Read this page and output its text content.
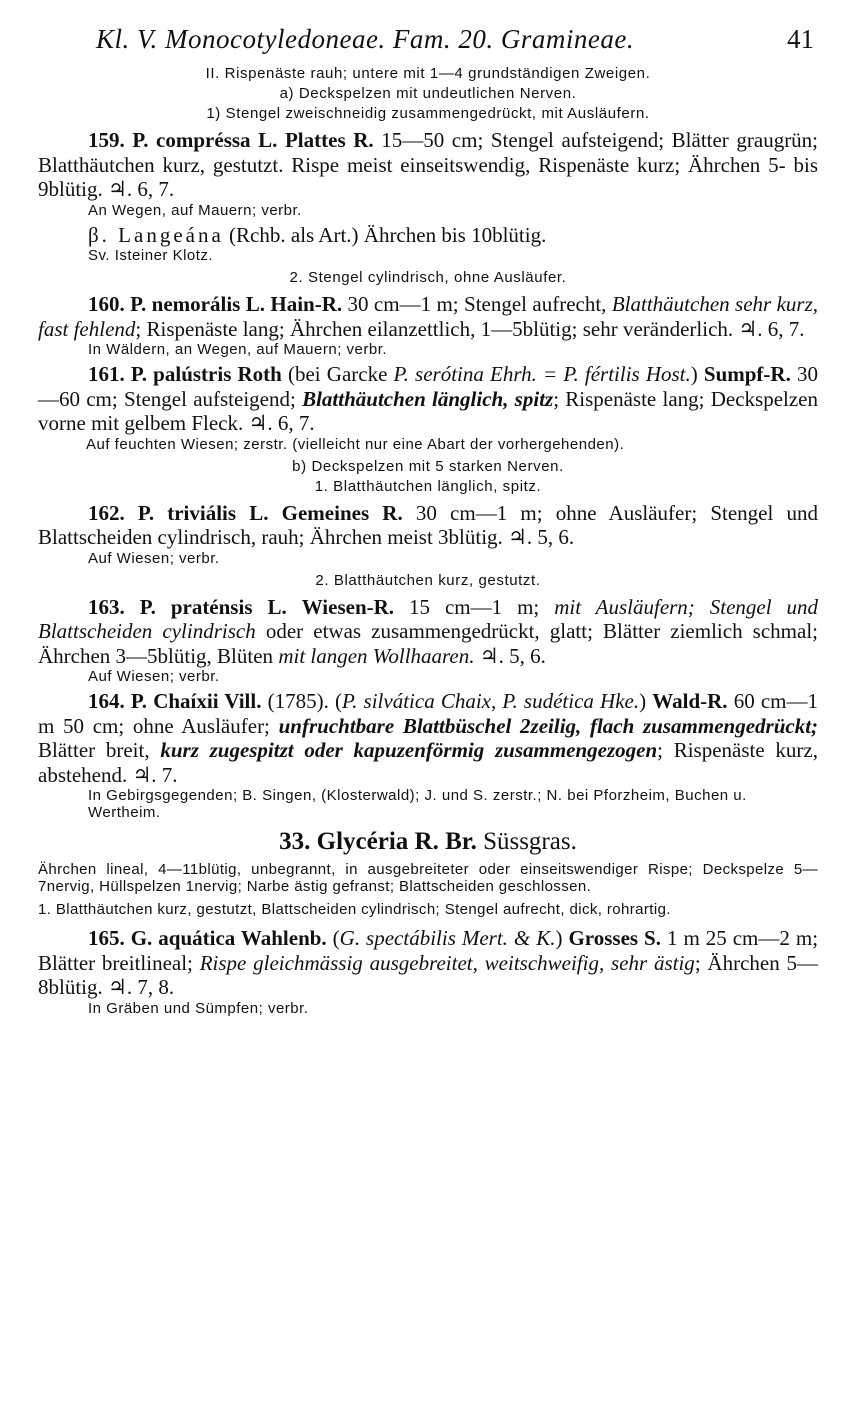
Kl. V. Monocotyledoneae. Fam. 20. Gramineae.	41

II. Rispenäste rauh; untere mit 1—4 grundständigen Zweigen.

a) Deckspelzen mit undeutlichen Nerven.

1) Stengel zweischneidig zusammengedrückt, mit Ausläufern.

159. P. compréssa L. Plattes R. 15—50 cm; Stengel aufsteigend; Blätter graugrün; Blatthäutchen kurz, gestutzt. Rispe meist einseitswendig, Rispenäste kurz; Ährchen 5- bis 9blütig. ♃. 6, 7.

An Wegen, auf Mauern; verbr.

β. Langeána (Rchb. als Art.) Ährchen bis 10blütig.

Sv. Isteiner Klotz.

2. Stengel cylindrisch, ohne Ausläufer.

160. P. nemorális L. Hain-R. 30 cm—1 m; Stengel aufrecht, Blatthäutchen sehr kurz, fast fehlend; Rispenäste lang; Ährchen eilanzettlich, 1—5blütig; sehr veränderlich. ♃. 6, 7.

In Wäldern, an Wegen, auf Mauern; verbr.

161. P. palústris Roth (bei Garcke P. serótina Ehrh. = P. fértilis Host.) Sumpf-R. 30—60 cm; Stengel aufsteigend; Blatthäutchen länglich, spitz; Rispenäste lang; Deckspelzen vorne mit gelbem Fleck. ♃. 6, 7.

Auf feuchten Wiesen; zerstr. (vielleicht nur eine Abart der vorhergehenden).

b) Deckspelzen mit 5 starken Nerven.

1. Blatthäutchen länglich, spitz.

162. P. triviális L. Gemeines R. 30 cm—1 m; ohne Ausläufer; Stengel und Blattscheiden cylindrisch, rauh; Ährchen meist 3blütig. ♃. 5, 6.

Auf Wiesen; verbr.

2. Blatthäutchen kurz, gestutzt.

163. P. praténsis L. Wiesen-R. 15 cm—1 m; mit Ausläufern; Stengel und Blattscheiden cylindrisch oder etwas zusammengedrückt, glatt; Blätter ziemlich schmal; Ährchen 3—5blütig, Blüten mit langen Wollhaaren. ♃. 5, 6.

Auf Wiesen; verbr.

164. P. Chaíxii Vill. (1785). (P. silvática Chaix, P. sudética Hke.) Wald-R. 60 cm—1 m 50 cm; ohne Ausläufer; unfruchtbare Blattbüschel 2zeilig, flach zusammengedrückt; Blätter breit, kurz zugespitzt oder kapuzenförmig zusammengezogen; Rispenäste kurz, abstehend. ♃. 7.

In Gebirgsgegenden; B. Singen, (Klosterwald); J. und S. zerstr.; N. bei Pforzheim, Buchen u. Wertheim.

33. Glycéria R. Br. Süssgras.

Ährchen lineal, 4—11blütig, unbegrannt, in ausgebreiteter oder einseitswendiger Rispe; Deckspelze 5—7nervig, Hüllspelzen 1nervig; Narbe ästig gefranst; Blattscheiden geschlossen.

1. Blatthäutchen kurz, gestutzt, Blattscheiden cylindrisch; Stengel aufrecht, dick, rohrartig.

165. G. aquática Wahlenb. (G. spectábilis Mert. & K.) Grosses S. 1 m 25 cm—2 m; Blätter breitlineal; Rispe gleichmässig ausgebreitet, weitschweifig, sehr ästig; Ährchen 5—8blütig. ♃. 7, 8.

In Gräben und Sümpfen; verbr.
